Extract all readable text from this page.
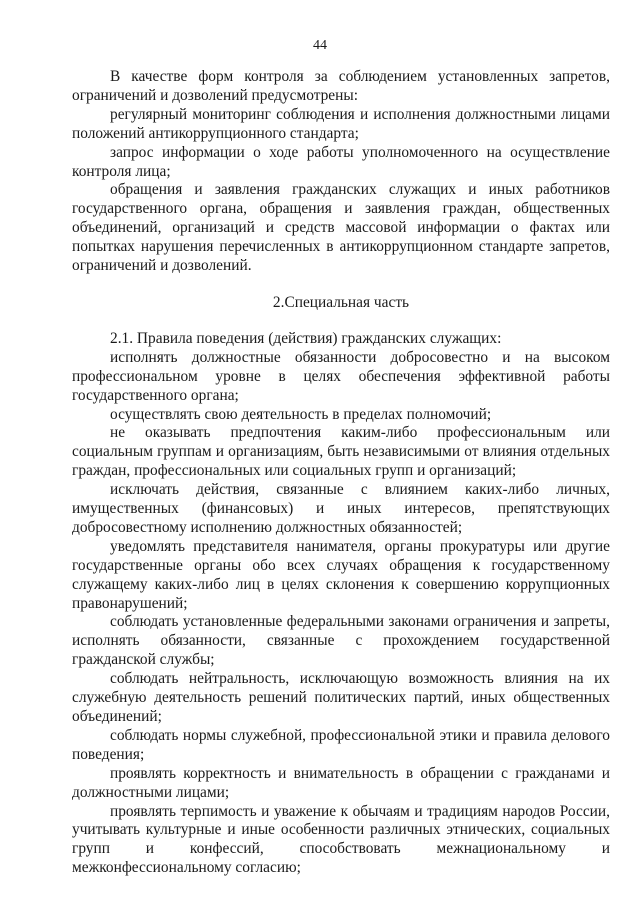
44

В качестве форм контроля за соблюдением установленных запретов, ограничений и дозволений предусмотрены:

регулярный мониторинг соблюдения и исполнения должностными лицами положений антикоррупционного стандарта;

запрос информации о ходе работы уполномоченного на осуществление контроля лица;

обращения и заявления гражданских служащих и иных работников государственного органа, обращения и заявления граждан, общественных объединений, организаций и средств массовой информации о фактах или попытках нарушения перечисленных в антикоррупционном стандарте запретов, ограничений и дозволений.

2.Специальная часть

2.1. Правила поведения (действия) гражданских служащих:

исполнять должностные обязанности добросовестно и на высоком профессиональном уровне в целях обеспечения эффективной работы государственного органа;

осуществлять свою деятельность в пределах полномочий;

не оказывать предпочтения каким-либо профессиональным или социальным группам и организациям, быть независимыми от влияния отдельных граждан, профессиональных или социальных групп и организаций;

исключать действия, связанные с влиянием каких-либо личных, имущественных (финансовых) и иных интересов, препятствующих добросовестному исполнению должностных обязанностей;

уведомлять представителя нанимателя, органы прокуратуры или другие государственные органы обо всех случаях обращения к государственному служащему каких-либо лиц в целях склонения к совершению коррупционных правонарушений;

соблюдать установленные федеральными законами ограничения и запреты, исполнять обязанности, связанные с прохождением государственной гражданской службы;

соблюдать нейтральность, исключающую возможность влияния на их служебную деятельность решений политических партий, иных общественных объединений;

соблюдать нормы служебной, профессиональной этики и правила делового поведения;

проявлять корректность и внимательность в обращении с гражданами и должностными лицами;

проявлять терпимость и уважение к обычаям и традициям народов России, учитывать культурные и иные особенности различных этнических, социальных групп и конфессий, способствовать межнациональному и межконфессиональному согласию;
